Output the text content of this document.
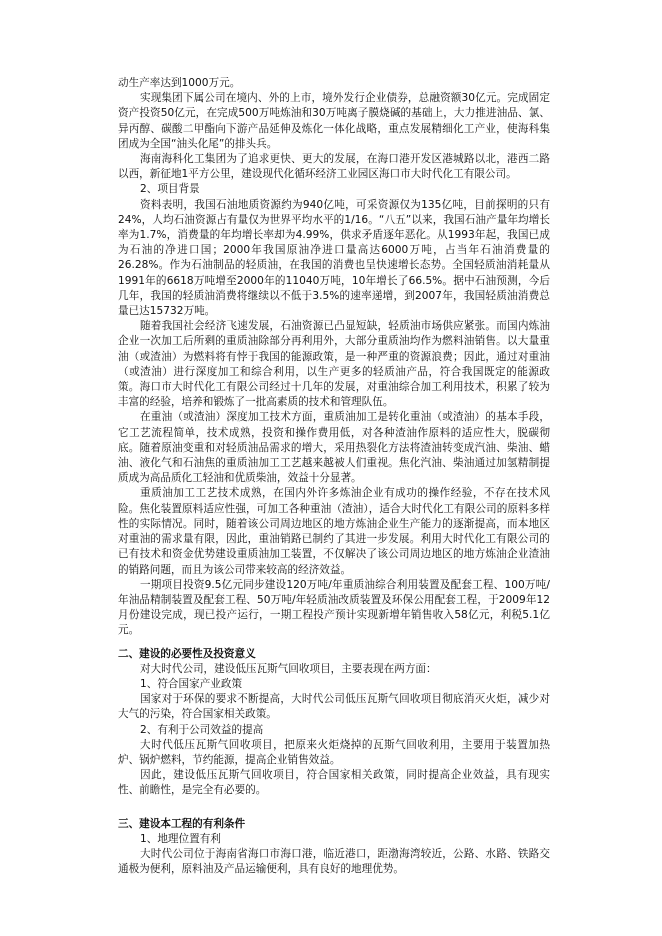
动生产率达到1000万元。

实现集团下属公司在境内、外的上市，境外发行企业债券，总融资额30亿元。完成固定资产投资50亿元，在完成500万吨炼油和30万吨离子膜烧碱的基础上，大力推进油品、氯、异丙醇、碳酸二甲酯向下游产品延伸及炼化一体化战略，重点发展精细化工产业，使海科集团成为全国“油头化尾”的排头兵。

海南海科化工集团为了追求更快、更大的发展，在海口港开发区港城路以北，港西二路以西，新征地1平方公里，建设现代化循环经济工业园区海口市大时代化工有限公司。

2、项目背景

资料表明，我国石油地质资源约为940亿吨，可采资源仅为135亿吨，目前探明的只有24%，人均石油资源占有量仅为世界平均水平的1/16。“八五”以来，我国石油产量年均增长率为1.7%，消费量的年均增长率却为4.99%，供求矛盾逐年恶化。从1993年起，我国已成为石油的净进口国；2000年我国原油净进口量高达6000万吨，占当年石油消费量的26.28%。作为石油制品的轻质油，在我国的消费也呈快速增长态势。全国轻质油消耗量从1991年的6618万吨增至2000年的11040万吨，10年增长了66.5%。据中石油预测，今后几年，我国的轻质油消费将继续以不低于3.5%的速率递增，到2007年，我国轻质油消费总量已达15732万吨。

随着我国社会经济飞速发展，石油资源已凸显短缺，轻质油市场供应紧张。而国内炼油企业一次加工后所剩的重质油除部分再利用外，大部分重质油均作为燃料油销售。以大量重油（或渣油）为燃料将有悖于我国的能源政策，是一种严重的资源浪费；因此，通过对重油（或渣油）进行深度加工和综合利用，以生产更多的轻质油产品，符合我国既定的能源政策。海口市大时代化工有限公司经过十几年的发展，对重油综合加工利用技术，积累了较为丰富的经验，培养和锻炼了一批高素质的技术和管理队伍。

在重油（或渣油）深度加工技术方面，重质油加工是转化重油（或渣油）的基本手段，它工艺流程简单，技术成熟，投资和操作费用低，对各种渣油作原料的适应性大，脱碳彻底。随着原油变重和对轻质油品需求的增大，采用热裂化方法将渣油转变成汽油、柴油、蜡油、液化气和石油焦的重质油加工工艺越来越被人们重视。焦化汽油、柴油通过加氢精制提质成为高品质化工轻油和优质柴油，效益十分显著。

重质油加工工艺技术成熟，在国内外许多炼油企业有成功的操作经验，不存在技术风险。焦化装置原料适应性强，可加工各种重油（渣油），适合大时代化工有限公司的原料多样性的实际情况。同时，随着该公司周边地区的地方炼油企业生产能力的逐渐提高，而本地区对重油的需求量有限，因此，重油销路已制约了其进一步发展。利用大时代化工有限公司的已有技术和资金优势建设重质油加工装置，不仅解决了该公司周边地区的地方炼油企业渣油的销路问题，而且为该公司带来较高的经济效益。

一期项目投资9.5亿元同步建设120万吨/年重质油综合利用装置及配套工程、100万吨/年油品精制装置及配套工程、50万吨/年轻质油改质装置及环保公用配套工程，于2009年12月份建设完成，现已投产运行，一期工程投产预计实现新增年销售收入58亿元，利税5.1亿元。

二、建设的必要性及投资意义

对大时代公司，建设低压瓦斯气回收项目，主要表现在两方面：

1、符合国家产业政策

国家对于环保的要求不断提高，大时代公司低压瓦斯气回收项目彻底消灭火炬，减少对大气的污染，符合国家相关政策。

2、有利于公司效益的提高

大时代低压瓦斯气回收项目，把原来火炬烧掉的瓦斯气回收利用，主要用于装置加热炉、锅炉燃料，节约能源，提高企业销售效益。

因此，建设低压瓦斯气回收项目，符合国家相关政策，同时提高企业效益，具有现实性、前瞻性，是完全有必要的。

三、建设本工程的有利条件

1、地理位置有利

大时代公司位于海南省海口市海口港，临近港口，距渤海湾较近，公路、水路、铁路交通极为便利，原料油及产品运输便利，具有良好的地理优势。
